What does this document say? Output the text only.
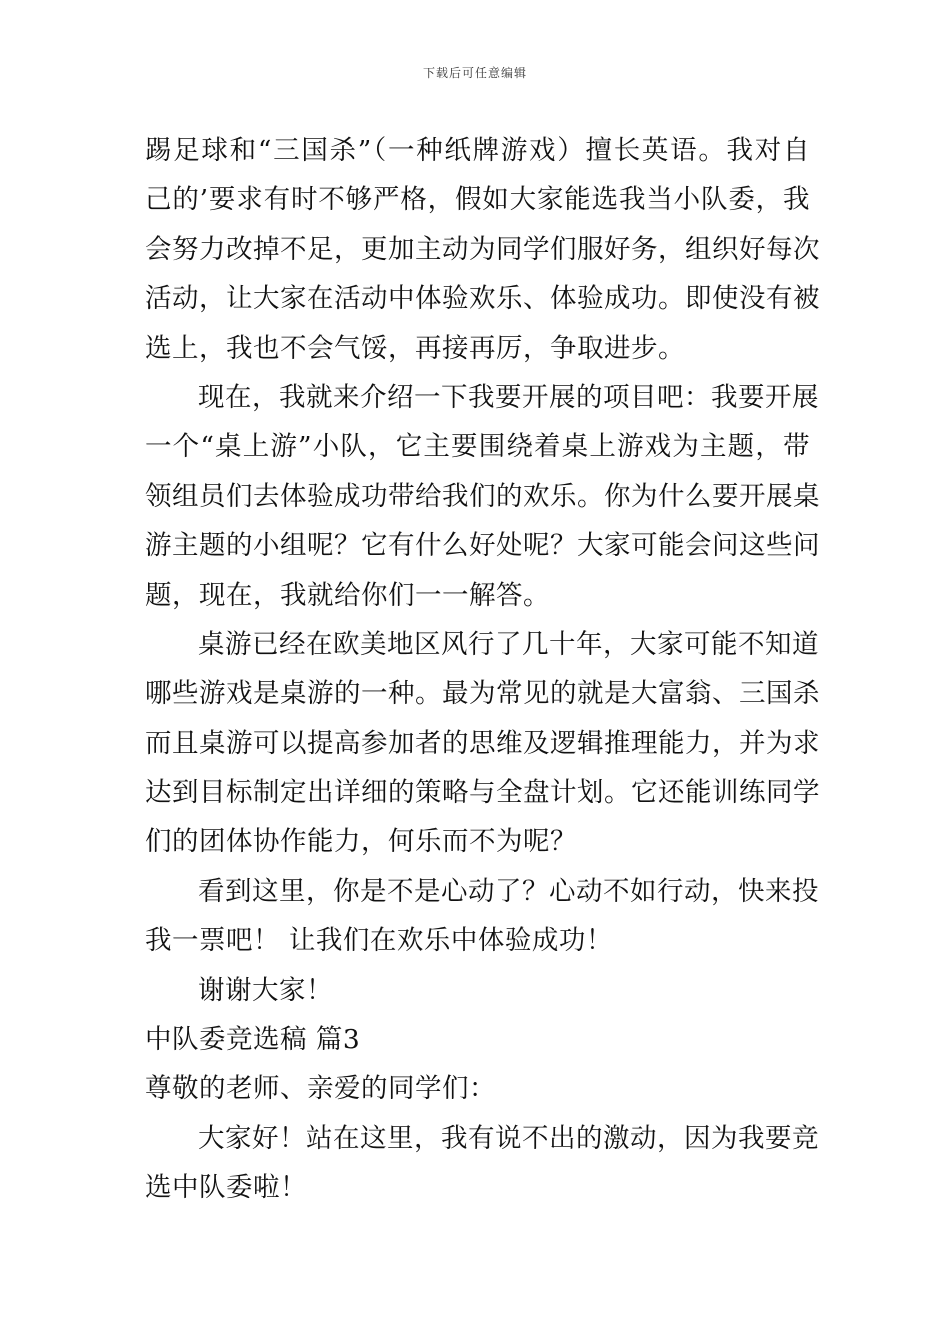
下载后可任意编辑
踢足球和“三国杀”（一种纸牌游戏）擅长英语。我对自
己的’要求有时不够严格，假如大家能选我当小队委，我
会努力改掉不足，更加主动为同学们服好务，组织好每次
活动，让大家在活动中体验欢乐、体验成功。即使没有被
选上，我也不会气馁，再接再厉，争取进步。
现在，我就来介绍一下我要开展的项目吧：我要开展
一个“桌上游”小队，它主要围绕着桌上游戏为主题，带
领组员们去体验成功带给我们的欢乐。你为什么要开展桌
游主题的小组呢？它有什么好处呢？大家可能会问这些问
题，现在，我就给你们一一解答。
桌游已经在欧美地区风行了几十年，大家可能不知道
哪些游戏是桌游的一种。最为常见的就是大富翁、三国杀
而且桌游可以提高参加者的思维及逻辑推理能力，并为求
达到目标制定出详细的策略与全盘计划。它还能训练同学
们的团体协作能力，何乐而不为呢？
看到这里，你是不是心动了？心动不如行动，快来投
我一票吧！ 让我们在欢乐中体验成功！
谢谢大家！
中队委竞选稿 篇3
尊敬的老师、亲爱的同学们：
大家好！站在这里，我有说不出的激动，因为我要竞
选中队委啦！
